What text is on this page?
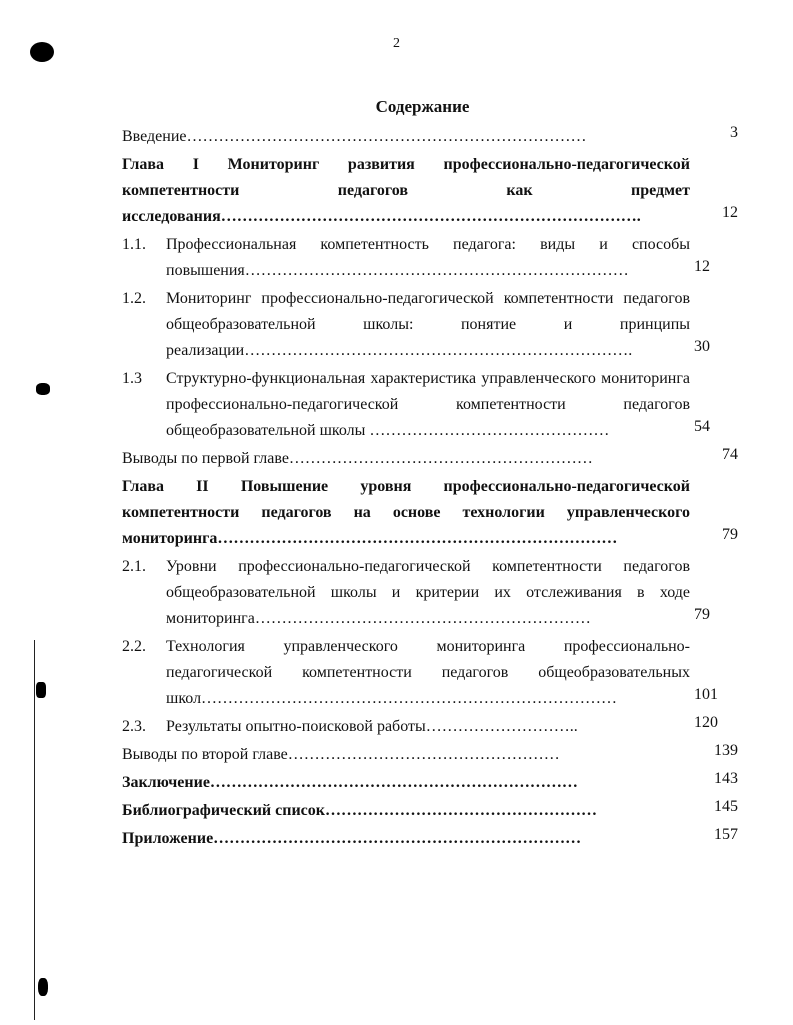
2
Содержание
Введение…………………………………………………………………	3
Глава I Мониторинг развития профессионально-педагогической компетентности педагогов как предмет исследования…………………………………………………………………….	12
1.1. Профессиональная компетентность педагога: виды и способы повышения………………………………………………………………	12
1.2. Мониторинг профессионально-педагогической компетентности педагогов общеобразовательной школы: понятие и принципы реализации……………………………………………………………….	30
1.3 Структурно-функциональная характеристика управленческого мониторинга профессионально-педагогической компетентности педагогов общеобразовательной школы ………………………………………	54
Выводы по первой главе…………………………………………………	74
Глава II Повышение уровня профессионально-педагогической компетентности педагогов на основе технологии управленческого мониторинга…………………………………………………………………	79
2.1. Уровни профессионально-педагогической компетентности педагогов общеобразовательной школы и критерии их отслеживания в ходе мониторинга………………………………………………………	79
2.2. Технология управленческого мониторинга профессионально-педагогической компетентности педагогов общеобразовательных школ……………………………………………………………………	101
2.3. Результаты опытно-поисковой работы………………………..	120
Выводы по второй главе……………………………………………	139
Заключение……………………………………………………………	143
Библиографический список……………………………………………	145
Приложение……………………………………………………………	157
